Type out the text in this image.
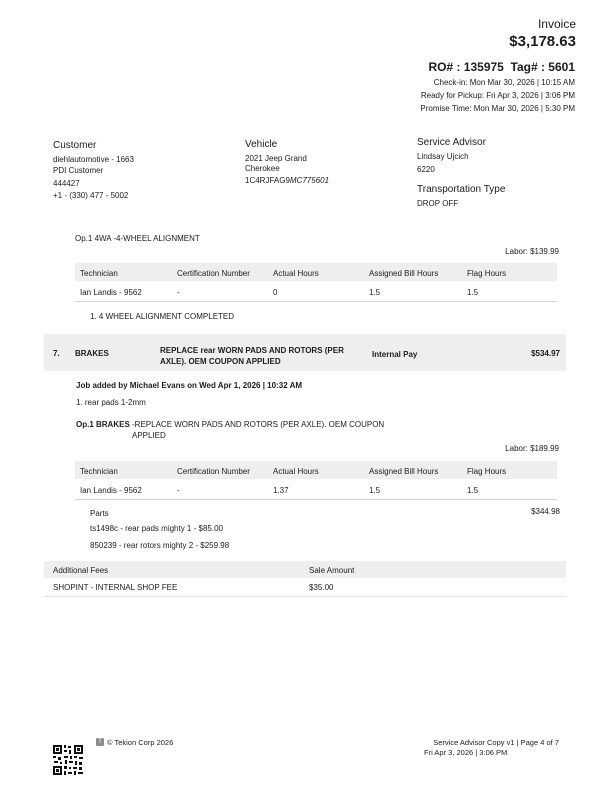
Invoice
$3,178.63
RO# : 135975 Tag# : 5601
Check-in: Mon Mar 30, 2026 | 10:15 AM
Ready for Pickup: Fri Apr 3, 2026 | 3:06 PM
Promise Time: Mon Mar 30, 2026 | 5:30 PM
Customer
diehlautomotive - 1663
PDI Customer
444427
+1 - (330) 477 - 5002
Vehicle
2021 Jeep Grand
Cherokee
1C4RJFAG9MC775601
Service Advisor
Lindsay Ujcich
6220
Transportation Type
DROP OFF
Op.1 4WA -4-WHEEL ALIGNMENT
Labor: $139.99
Technician	Certification Number	Actual Hours	Assigned Bill Hours	Flag Hours
Ian Landis - 9562	-	0	1.5	1.5
1. 4 WHEEL ALIGNMENT COMPLETED
7. BRAKES	REPLACE rear WORN PADS AND ROTORS (PER
AXLE). OEM COUPON APPLIED
Internal Pay	$534.97
Job added by Michael Evans on Wed Apr 1, 2026 | 10:32 AM
1. rear pads 1-2mm
Op.1 BRAKES -REPLACE WORN PADS AND ROTORS (PER AXLE). OEM COUPON
APPLIED
Labor: $189.99
Technician	Certification Number	Actual Hours	Assigned Bill Hours	Flag Hours
Ian Landis - 9562	-	1.37	1.5	1.5
Parts	$344.98
ts1498c - rear pads mighty 1 - $85.00
850239 - rear rotors mighty 2 - $259.98
Additional Fees	Sale Amount
SHOPINT - INTERNAL SHOP FEE	$35.00
T © Tekion Corp 2026	Service Advisor Copy v1 | Page 4 of 7
Fri Apr 3, 2026 | 3:06 PM
